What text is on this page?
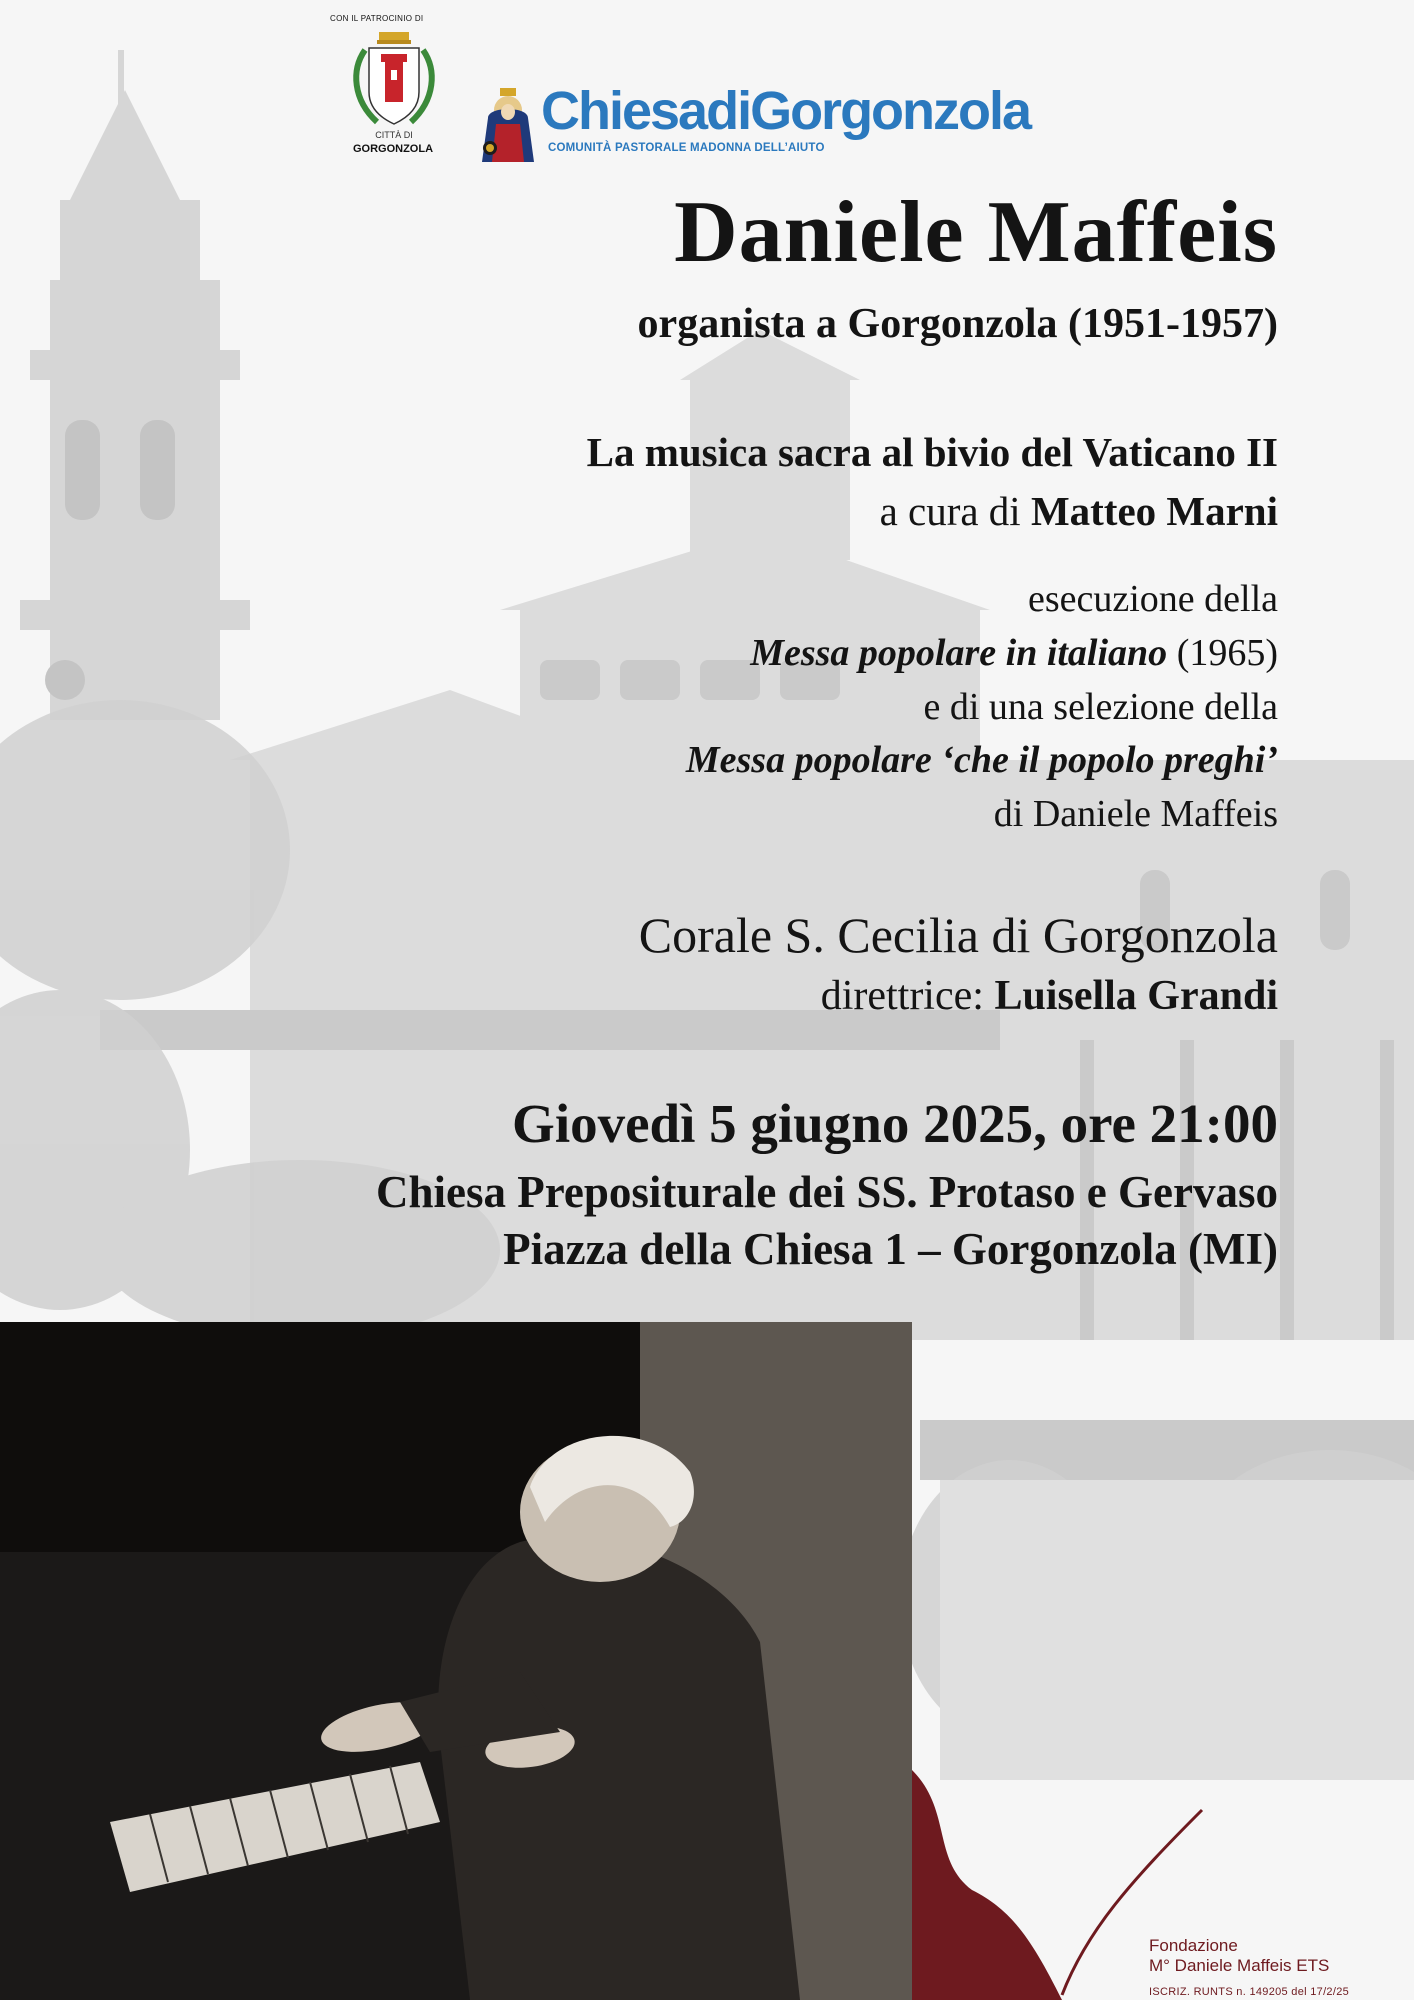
CON IL PATROCINIO DI
CITTÀ DI
GORGONZOLA
ChiesadiGorgonzola
COMUNITÀ PASTORALE MADONNA DELL’AIUTO
Daniele Maffeis
organista a Gorgonzola (1951-1957)
La musica sacra al bivio del Vaticano II
a cura di Matteo Marni
esecuzione della
Messa popolare in italiano (1965)
e di una selezione della
Messa popolare ‘che il popolo preghi’
di Daniele Maffeis
Corale S. Cecilia di Gorgonzola
direttrice: Luisella Grandi
Giovedì 5 giugno 2025, ore 21:00
Chiesa Prepositurale dei SS. Protaso e Gervaso
Piazza della Chiesa 1 – Gorgonzola (MI)
Fondazione
M° Daniele Maffeis ETS
ISCRIZ. RUNTS n. 149205 del 17/2/25
